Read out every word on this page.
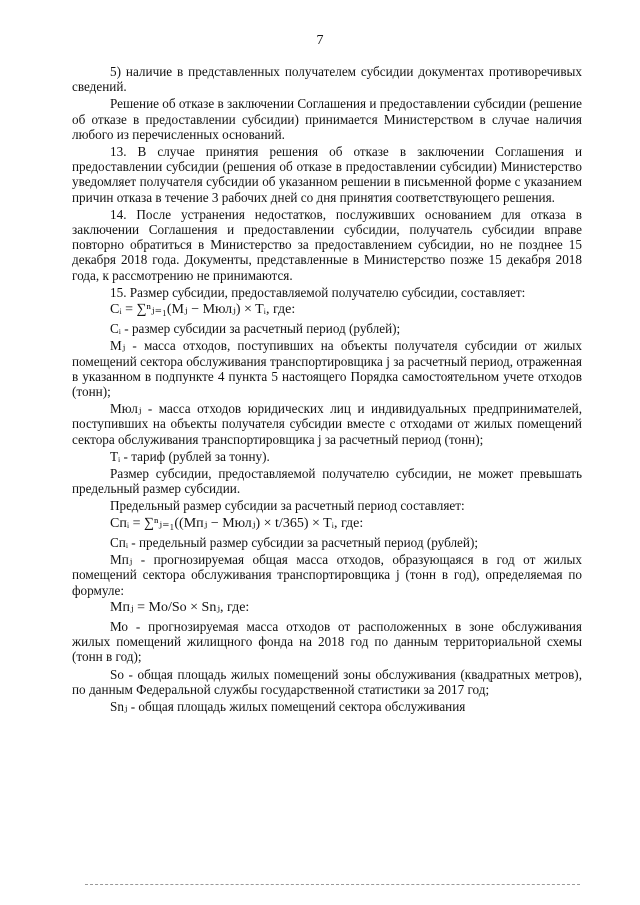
7

5) наличие в представленных получателем субсидии документах противоречивых сведений.

Решение об отказе в заключении Соглашения и предоставлении субсидии (решение об отказе в предоставлении субсидии) принимается Министерством в случае наличия любого из перечисленных оснований.

13. В случае принятия решения об отказе в заключении Соглашения и предоставлении субсидии (решения об отказе в предоставлении субсидии) Министерство уведомляет получателя субсидии об указанном решении в письменной форме с указанием причин отказа в течение 3 рабочих дней со дня принятия соответствующего решения.

14. После устранения недостатков, послуживших основанием для отказа в заключении Соглашения и предоставлении субсидии, получатель субсидии вправе повторно обратиться в Министерство за предоставлением субсидии, но не позднее 15 декабря 2018 года. Документы, представленные в Министерство позже 15 декабря 2018 года, к рассмотрению не принимаются.

15. Размер субсидии, предоставляемой получателю субсидии, составляет:

Cᵢ = ∑ⁿⱼ₌₁(Mⱼ − Mюлⱼ) × Tᵢ, где:

Cᵢ - размер субсидии за расчетный период (рублей);

Mⱼ - масса отходов, поступивших на объекты получателя субсидии от жилых помещений сектора обслуживания транспортировщика j за расчетный период, отраженная в указанном в подпункте 4 пункта 5 настоящего Порядка самостоятельном учете отходов (тонн);

Мюлⱼ - масса отходов юридических лиц и индивидуальных предпринимателей, поступивших на объекты получателя субсидии вместе с отходами от жилых помещений сектора обслуживания транспортировщика j за расчетный период (тонн);

Tᵢ - тариф (рублей за тонну).

Размер субсидии, предоставляемой получателю субсидии, не может превышать предельный размер субсидии.

Предельный размер субсидии за расчетный период составляет:

Спᵢ = ∑ⁿⱼ₌₁((Mпⱼ − Mюлⱼ) × t/365) × Tᵢ, где:

Спᵢ - предельный размер субсидии за расчетный период (рублей);

Мпⱼ - прогнозируемая общая масса отходов, образующаяся в год от жилых помещений сектора обслуживания транспортировщика j (тонн в год), определяемая по формуле:

Mпⱼ = Mo/So × Snⱼ, где:

Мо - прогнозируемая масса отходов от расположенных в зоне обслуживания жилых помещений жилищного фонда на 2018 год по данным территориальной схемы (тонн в год);

So - общая площадь жилых помещений зоны обслуживания (квадратных метров), по данным Федеральной службы государственной статистики за 2017 год;

Snⱼ - общая площадь жилых помещений сектора обслуживания
